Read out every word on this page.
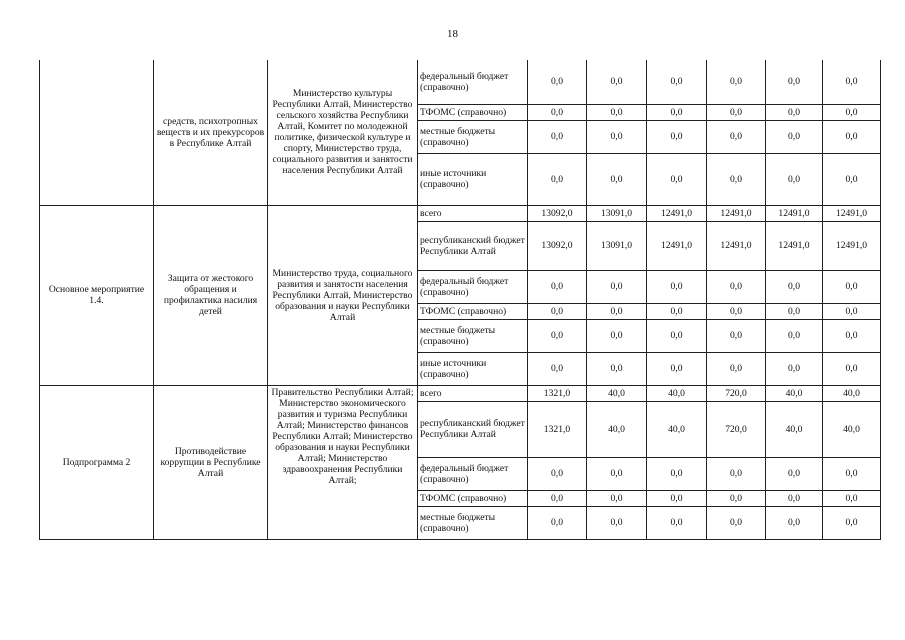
18
	средств, психотропных веществ и их прекурсоров в Республике Алтай	Министерство культуры Республики Алтай, Министерство сельского хозяйства Республики Алтай, Комитет по молодежной политике, физической культуре и спорту, Министерство труда, социального развития и занятости населения Республики Алтай	федеральный бюджет (справочно)	0,0	0,0	0,0	0,0	0,0	0,0
			ТФОМС (справочно)	0,0	0,0	0,0	0,0	0,0	0,0
			местные бюджеты (справочно)	0,0	0,0	0,0	0,0	0,0	0,0
			иные источники (справочно)	0,0	0,0	0,0	0,0	0,0	0,0
Основное мероприятие 1.4.	Защита от жестокого обращения и профилактика насилия детей	Министерство труда, социального развития и занятости населения Республики Алтай, Министерство образования и науки Республики Алтай	всего	13092,0	13091,0	12491,0	12491,0	12491,0	12491,0
			республиканский бюджет Республики Алтай	13092,0	13091,0	12491,0	12491,0	12491,0	12491,0
			федеральный бюджет (справочно)	0,0	0,0	0,0	0,0	0,0	0,0
			ТФОМС (справочно)	0,0	0,0	0,0	0,0	0,0	0,0
			местные бюджеты (справочно)	0,0	0,0	0,0	0,0	0,0	0,0
			иные источники (справочно)	0,0	0,0	0,0	0,0	0,0	0,0
Подпрограмма 2	Противодействие коррупции в Республике Алтай	Правительство Республики Алтай; Министерство экономического развития и туризма Республики Алтай; Министерство финансов Республики Алтай; Министерство образования и науки Республики Алтай; Министерство здравоохранения Республики Алтай;	всего	1321,0	40,0	40,0	720,0	40,0	40,0
			республиканский бюджет Республики Алтай	1321,0	40,0	40,0	720,0	40,0	40,0
			федеральный бюджет (справочно)	0,0	0,0	0,0	0,0	0,0	0,0
			ТФОМС (справочно)	0,0	0,0	0,0	0,0	0,0	0,0
			местные бюджеты (справочно)	0,0	0,0	0,0	0,0	0,0	0,0
